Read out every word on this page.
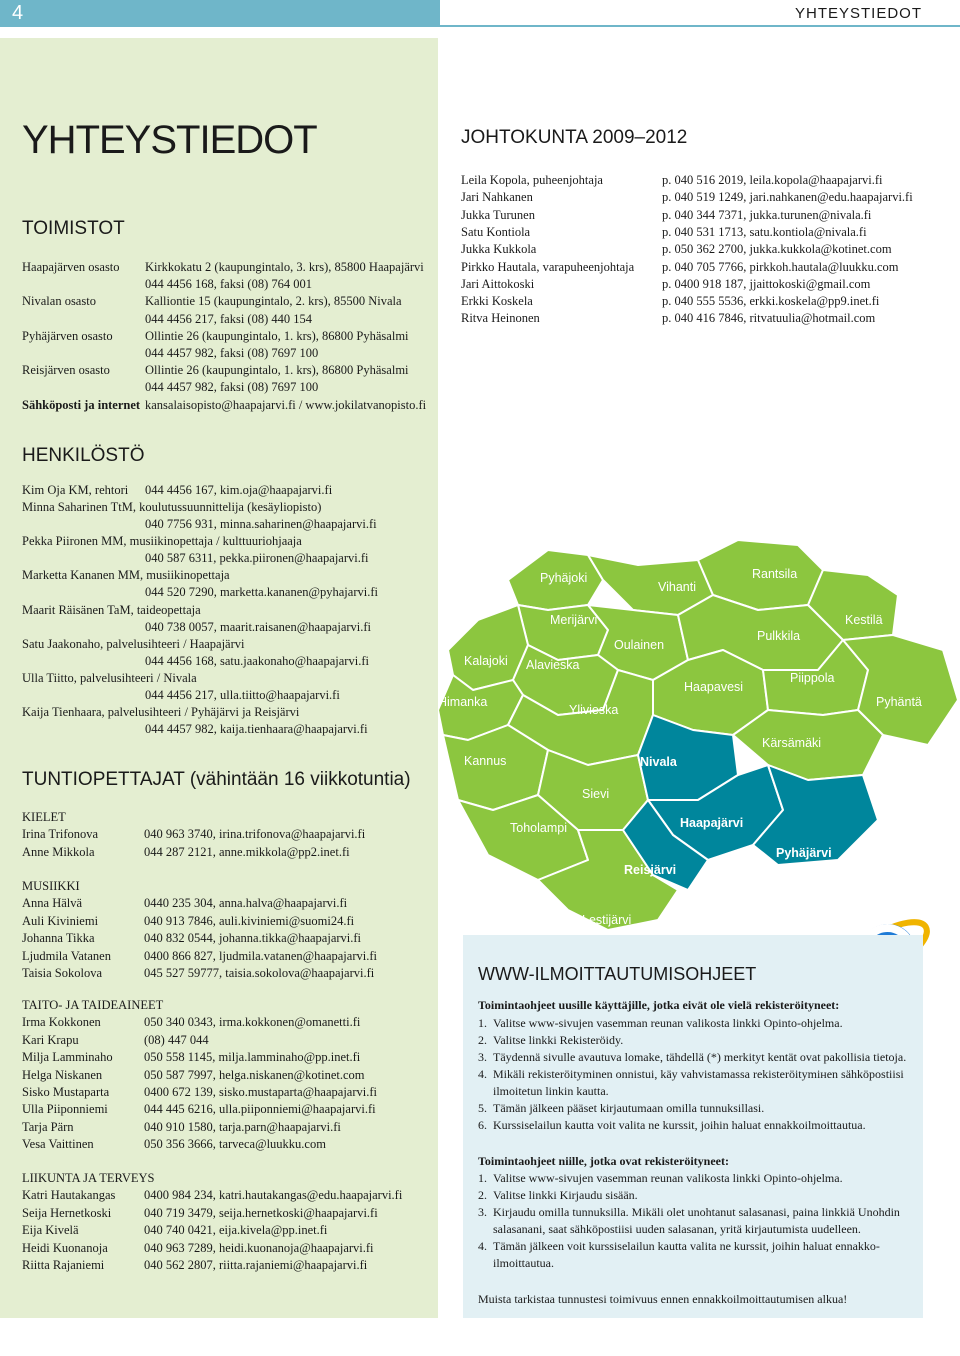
4	YHTEYSTIEDOT
YHTEYSTIEDOT
TOIMISTOT
Haapajärven osasto Kirkkokatu 2 (kaupungintalo, 3. krs), 85800 Haapajärvi
044 4456 168, faksi (08) 764 001
Nivalan osasto	Kalliontie 15 (kaupungintalo, 2. krs), 85500 Nivala
044 4456 217, faksi (08) 440 154
Pyhäjärven osasto	Ollintie 26 (kaupungintalo, 1. krs), 86800 Pyhäsalmi
044 4457 982, faksi (08) 7697 100
Reisjärven osasto	Ollintie 26 (kaupungintalo, 1. krs), 86800 Pyhäsalmi
044 4457 982, faksi (08) 7697 100
Sähköposti ja internet kansalaisopisto@haapajarvi.fi / www.jokilatvanopisto.fi
HENKILÖSTÖ
Kim Oja KM, rehtori 044 4456 167, kim.oja@haapajarvi.fi
Minna Saharinen TtM, koulutussuunnittelija (kesäyliopisto)
040 7756 931, minna.saharinen@haapajarvi.fi
Pekka Piironen MM, musiikinopettaja / kulttuuriohjaaja
040 587 6311, pekka.piironen@haapajarvi.fi
Marketta Kananen MM, musiikinopettaja
044 520 7290, marketta.kananen@pyhajarvi.fi
Maarit Räisänen TaM, taideopettaja
040 738 0057, maarit.raisanen@haapajarvi.fi
Satu Jaakonaho, palvelusihteeri / Haapajärvi
044 4456 168, satu.jaakonaho@haapajarvi.fi
Ulla Tiitto, palvelusihteeri / Nivala
044 4456 217, ulla.tiitto@haapajarvi.fi
Kaija Tienhaara, palvelusihteeri / Pyhäjärvi ja Reisjärvi
044 4457 982, kaija.tienhaara@haapajarvi.fi
TUNTIOPETTAJAT (vähintään 16 viikkotuntia)
KIELET
Irina Trifonova	040 963 3740, irina.trifonova@haapajarvi.fi
Anne Mikkola	044 287 2121, anne.mikkola@pp2.inet.fi
MUSIIKKI
Anna Hälvä	0440 235 304, anna.halva@haapajarvi.fi
Auli Kiviniemi	040 913 7846, auli.kiviniemi@suomi24.fi
Johanna Tikka	040 832 0544, johanna.tikka@haapajarvi.fi
Ljudmila Vatanen	0400 866 827, ljudmila.vatanen@haapajarvi.fi
Taisia Sokolova	045 527 59777, taisia.sokolova@haapajarvi.fi
TAITO- JA TAIDEAINEET
Irma Kokkonen	050 340 0343, irma.kokkonen@omanetti.fi
Kari Krapu	(08) 447 044
Milja Lamminaho	050 558 1145, milja.lamminaho@pp.inet.fi
Helga Niskanen	050 587 7997, helga.niskanen@kotinet.com
Sisko Mustaparta	0400 672 139, sisko.mustaparta@haapajarvi.fi
Ulla Piiponniemi	044 445 6216, ulla.piiponniemi@haapajarvi.fi
Tarja Pärn	040 910 1580, tarja.parn@haapajarvi.fi
Vesa Vaittinen	050 356 3666, tarveca@luukku.com
LIIKUNTA JA TERVEYS
Katri Hautakangas 0400 984 234, katri.hautakangas@edu.haapajarvi.fi
Seija Hernetkoski	040 719 3479, seija.hernetkoski@haapajarvi.fi
Eija Kivelä	040 740 0421, eija.kivela@pp.inet.fi
Heidi Kuonanoja	040 963 7289, heidi.kuonanoja@haapajarvi.fi
Riitta Rajaniemi	040 562 2807, riitta.rajaniemi@haapajarvi.fi
JOHTOKUNTA 2009–2012
Leila Kopola, puheenjohtaja	p. 040 516 2019, leila.kopola@haapajarvi.fi
Jari Nahkanen	p. 040 519 1249, jari.nahkanen@edu.haapajarvi.fi
Jukka Turunen	p. 040 344 7371, jukka.turunen@nivala.fi
Satu Kontiola	p. 040 531 1713, satu.kontiola@nivala.fi
Jukka Kukkola	p. 050 362 2700, jukka.kukkola@kotinet.com
Pirkko Hautala, varapuheenjohtaja p. 040 705 7766, pirkkoh.hautala@luukku.com
Jari Aittokoski	p. 0400 918 187, jjaittokoski@gmail.com
Erkki Koskela	p. 040 555 5536, erkki.koskela@pp9.inet.fi
Ritva Heinonen	p. 040 416 7846, ritvatuulia@hotmail.com
Pyhäjoki
Vihanti
Rantsila
Merijärvi	Kestilä
Oulainen
Pulkkila
Kalajoki Alavieska
Piippola
Haapavesi
Himanka	Pyhäntä
Ylivieska
Kärsämäki
Kannus	Nivala
Sievi
Haapajärvi
Toholampi
Pyhäjärvi
Reisjärvi
Lestijärvi
WWW-ILMOITTAUTUMISOHJEET
Toimintaohjeet uusille käyttäjille, jotka eivät ole vielä rekisteröityneet:
1. Valitse www-sivujen vasemman reunan valikosta linkki Opinto-ohjelma.
2. Valitse linkki Rekisteröidy.
3. Täydennä sivulle avautuva lomake, tähdellä (*) merkityt kentät ovat pakollisia tietoja.
4. Mikäli rekisteröityminen onnistui, käy vahvistamassa rekisteröitymінen sähköpostiisi
ilmoitetun linkin kautta.
5. Tämän jälkeen pääset kirjautumaan omilla tunnuksillasi.
6. Kurssiselailun kautta voit valita ne kurssit, joihin haluat ennakkoilmoittautua.
Toimintaohjeet niille, jotka ovat rekisteröityneet:
1. Valitse www-sivujen vasemman reunan valikosta linkki Opinto-ohjelma.
2. Valitse linkki Kirjaudu sisään.
3. Kirjaudu omilla tunnuksilla. Mikäli olet unohtanut salasanasi, paina linkkiä Unohdin
salasanani, saat sähköpostiisi uuden salasanan, yritä kirjautumista uudelleen.
4. Tämän jälkeen voit kurssiselailun kautta valita ne kurssit, joihin haluat ennakko-
ilmoittautua.
Muista tarkistaa tunnustesi toimivuus ennen ennakkoilmoittautumisen alkua!
